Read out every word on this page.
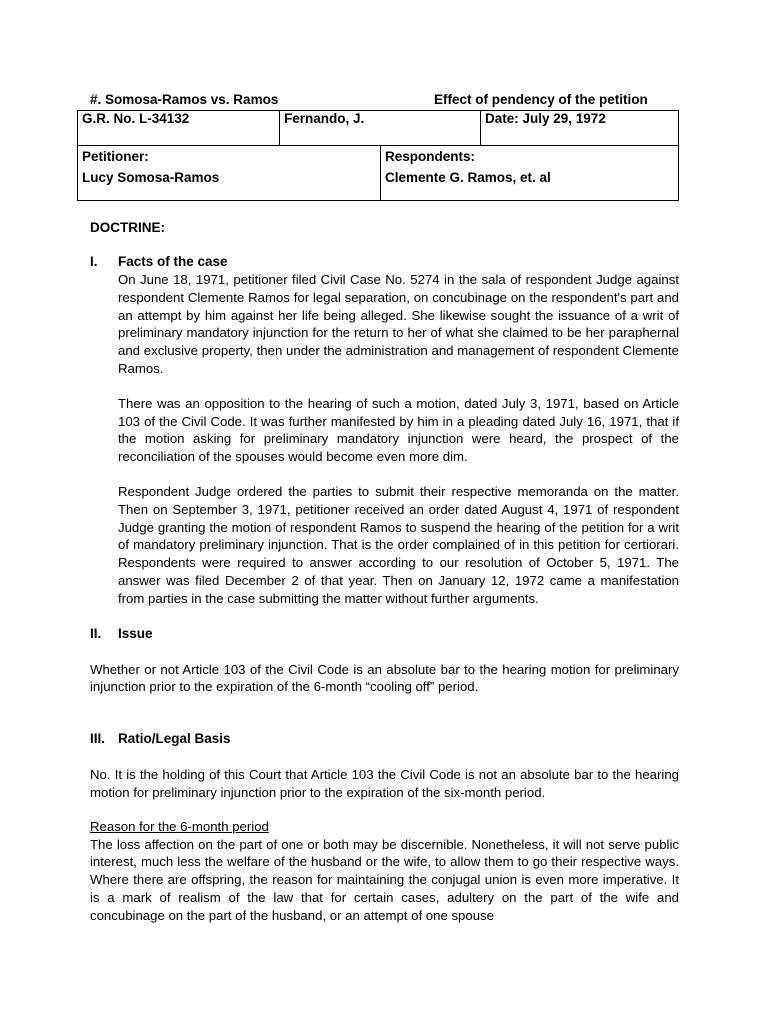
#. Somosa-Ramos vs. Ramos	Effect of pendency of the petition
G.R. No. L-34132	Fernando, J.	Date: July 29, 1972
Petitioner:
Lucy Somosa-Ramos

Respondents:
Clemente G. Ramos, et. al
DOCTRINE:
I.	Facts of the case

On June 18, 1971, petitioner filed Civil Case No. 5274 in the sala of respondent Judge against respondent Clemente Ramos for legal separation, on concubinage on the respondent's part and an attempt by him against her life being alleged. She likewise sought the issuance of a writ of preliminary mandatory injunction for the return to her of what she claimed to be her paraphernal and exclusive property, then under the administration and management of respondent Clemente Ramos.

There was an opposition to the hearing of such a motion, dated July 3, 1971, based on Article 103 of the Civil Code. It was further manifested by him in a pleading dated July 16, 1971, that if the motion asking for preliminary mandatory injunction were heard, the prospect of the reconciliation of the spouses would become even more dim.

Respondent Judge ordered the parties to submit their respective memoranda on the matter. Then on September 3, 1971, petitioner received an order dated August 4, 1971 of respondent Judge granting the motion of respondent Ramos to suspend the hearing of the petition for a writ of mandatory preliminary injunction. That is the order complained of in this petition for certiorari. Respondents were required to answer according to our resolution of October 5, 1971. The answer was filed December 2 of that year. Then on January 12, 1972 came a manifestation from parties in the case submitting the matter without further arguments.

II.	Issue

Whether or not Article 103 of the Civil Code is an absolute bar to the hearing motion for preliminary injunction prior to the expiration of the 6-month “cooling off” period.

III. Ratio/Legal Basis

No. It is the holding of this Court that Article 103 the Civil Code is not an absolute bar to the hearing motion for preliminary injunction prior to the expiration of the six-month period.

Reason for the 6-month period

The loss affection on the part of one or both may be discernible. Nonetheless, it will not serve public interest, much less the welfare of the husband or the wife, to allow them to go their respective ways. Where there are offspring, the reason for maintaining the conjugal union is even more imperative. It is a mark of realism of the law that for certain cases, adultery on the part of the wife and concubinage on the part of the husband, or an attempt of one spouse
